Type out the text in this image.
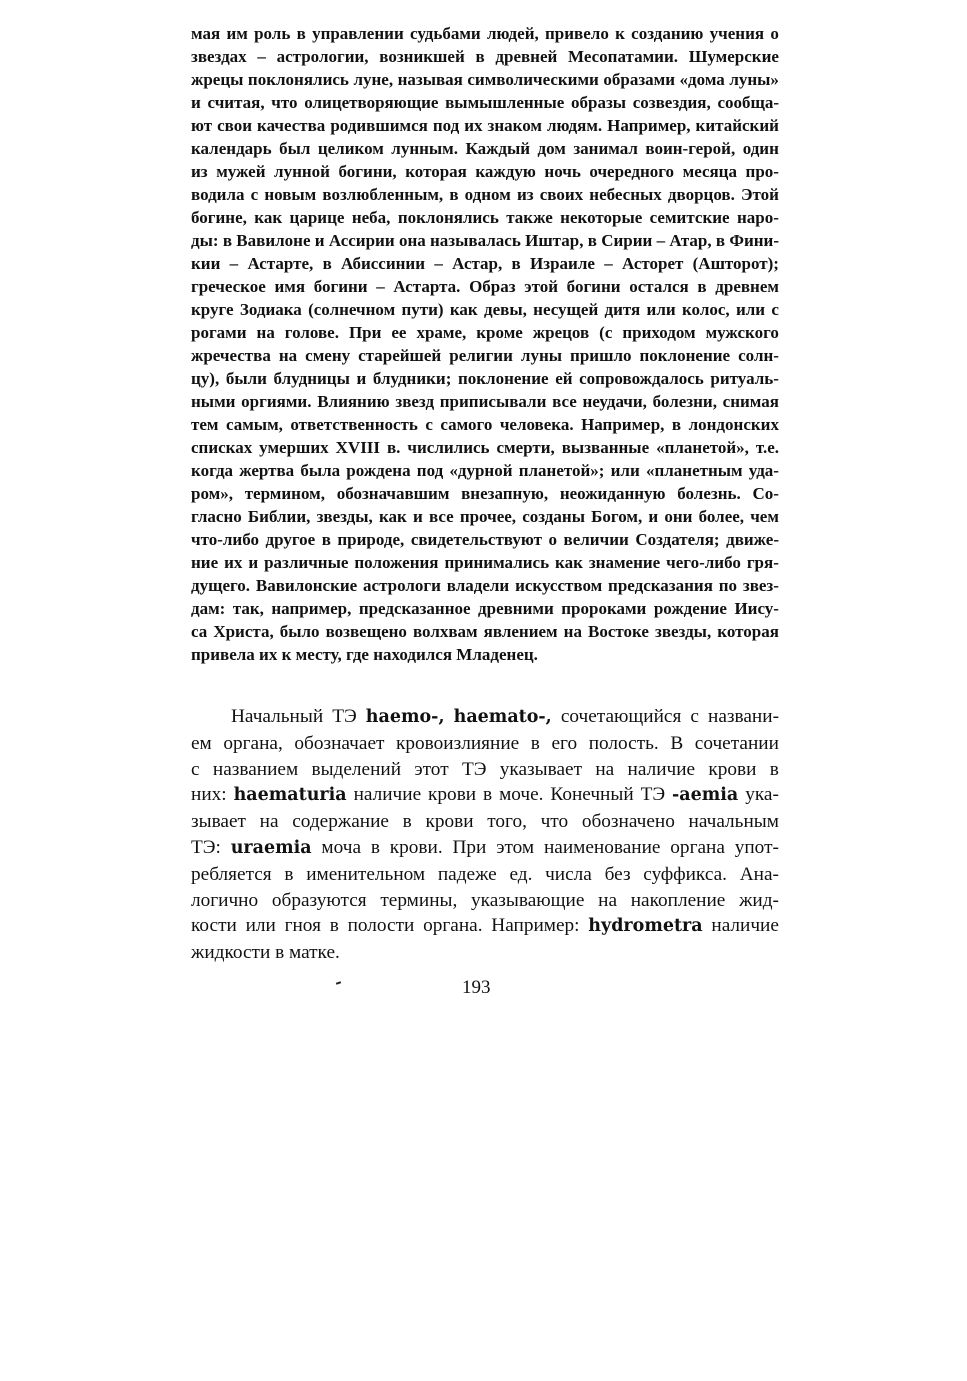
мая им роль в управлении судьбами людей, привело к созданию учения о
звездах – астрологии, возникшей в древней Месопатамии. Шумерские
жрецы поклонялись луне, называя символическими образами «дома луны»
и считая, что олицетворяющие вымышленные образы созвездия, сообща-
ют свои качества родившимся под их знаком людям. Например, китайский
календарь был целиком лунным. Каждый дом занимал воин-герой, один
из мужей лунной богини, которая каждую ночь очередного месяца про-
водила с новым возлюбленным, в одном из своих небесных дворцов. Этой
богине, как царице неба, поклонялись также некоторые семитские наро-
ды: в Вавилоне и Ассирии она называлась Иштар, в Сирии – Атар, в Фини-
кии – Астарте, в Абиссинии – Астар, в Израиле – Асторет (Ашторот);
греческое имя богини – Астарта. Образ этой богини остался в древнем
круге Зодиака (солнечном пути) как девы, несущей дитя или колос, или с
рогами на голове. При ее храме, кроме жрецов (с приходом мужского
жречества на смену старейшей религии луны пришло поклонение солн-
цу), были блудницы и блудники; поклонение ей сопровождалось ритуаль-
ными оргиями. Влиянию звезд приписывали все неудачи, болезни, снимая
тем самым, ответственность с самого человека. Например, в лондонских
списках умерших XVIII в. числились смерти, вызванные «планетой», т.е.
когда жертва была рождена под «дурной планетой»; или «планетным уда-
ром», термином, обозначавшим внезапную, неожиданную болезнь. Со-
гласно Библии, звезды, как и все прочее, созданы Богом, и они более, чем
что-либо другое в природе, свидетельствуют о величии Создателя; движе-
ние их и различные положения принимались как знамение чего-либо гря-
дущего. Вавилонские астрологи владели искусством предсказания по звез-
дам: так, например, предсказанное древними пророками рождение Иису-
са Христа, было возвещено волхвам явлением на Востоке звезды, которая
привела их к месту, где находился Младенец.
Начальный ТЭ haemo-, haemato-, сочетающийся с названи-
ем органа, обозначает кровоизлияние в его полость. В сочетании
с названием выделений этот ТЭ указывает на наличие крови в
них: haematuria наличие крови в моче. Конечный ТЭ -aemia ука-
зывает на содержание в крови того, что обозначено начальным
ТЭ: uraemia моча в крови. При этом наименование органа упот-
ребляется в именительном падеже ед. числа без суффикса. Ана-
логично образуются термины, указывающие на накопление жид-
кости или гноя в полости органа. Например: hydrometra наличие
жидкости в матке.
193
